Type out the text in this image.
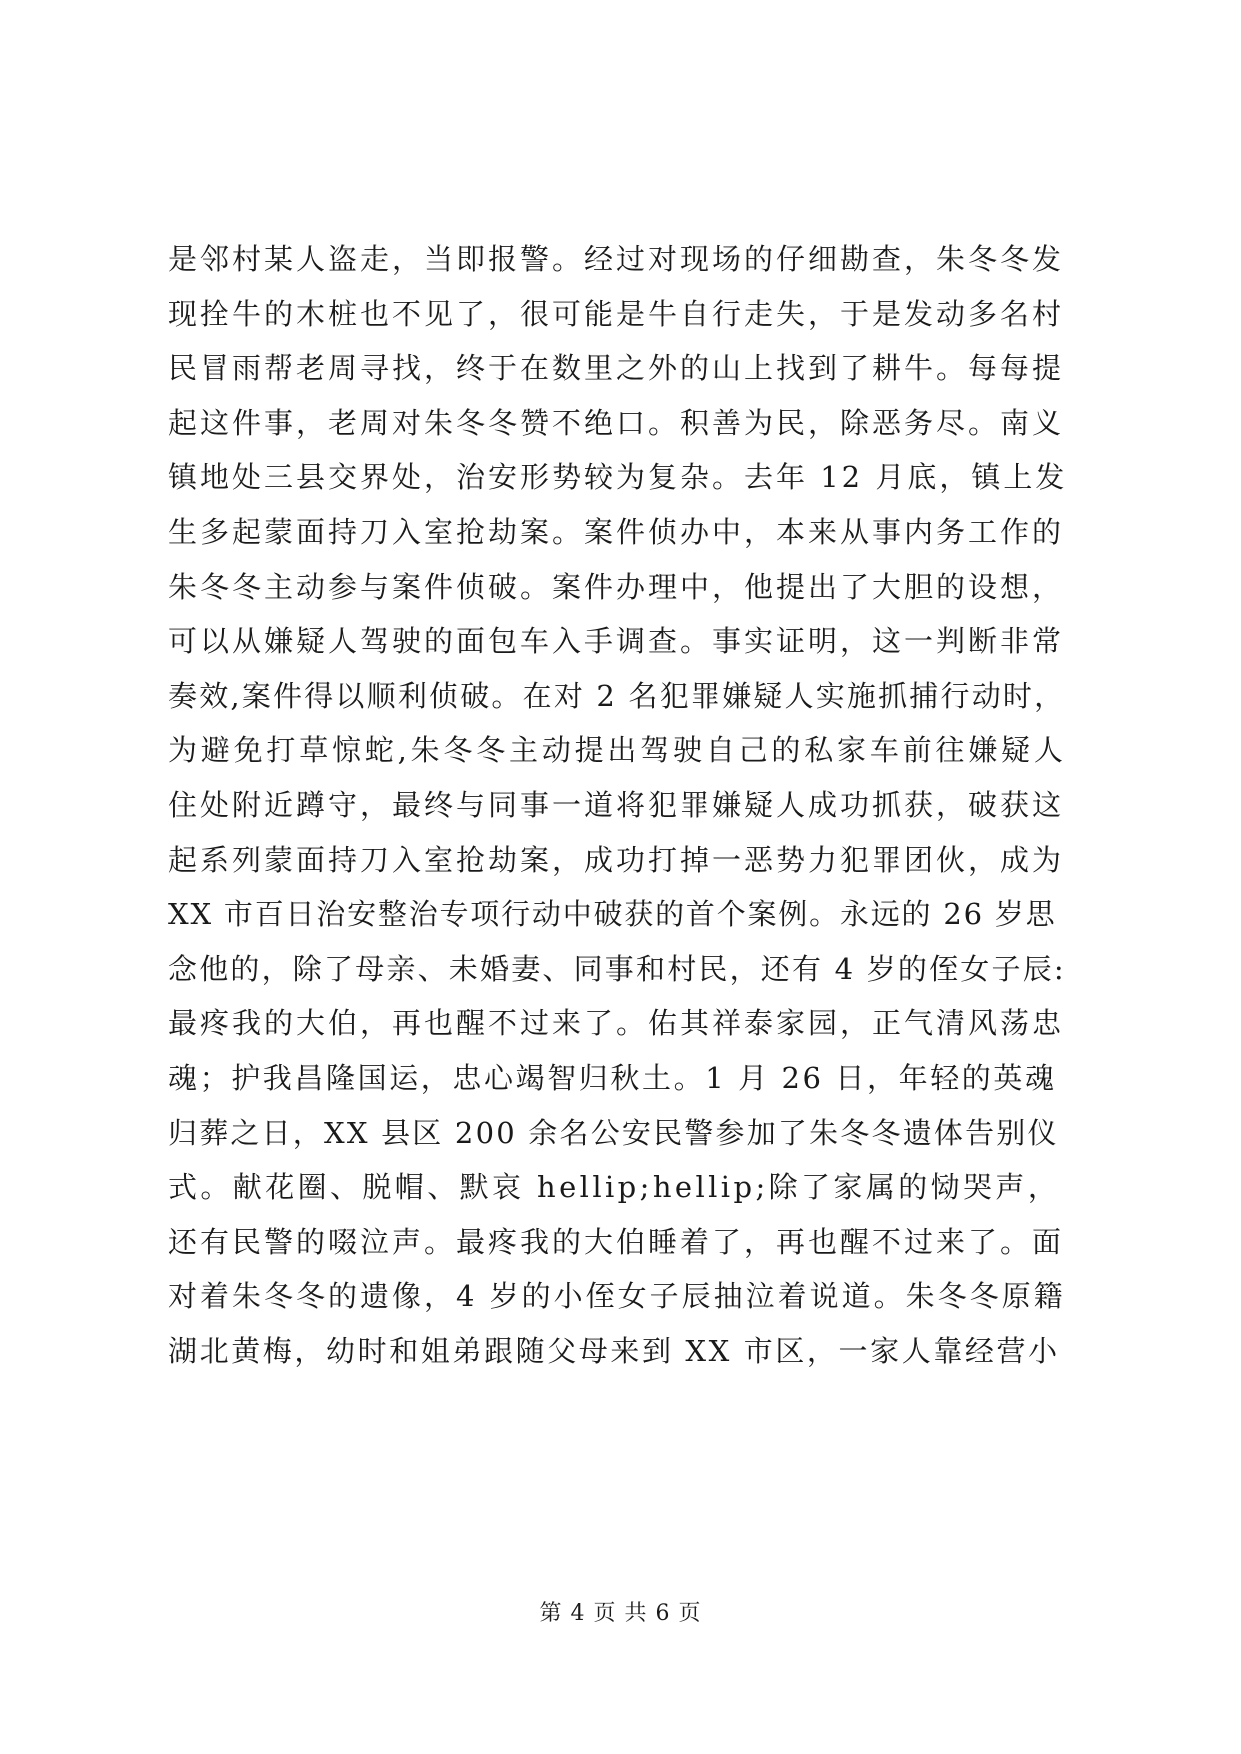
是邻村某人盗走，当即报警。经过对现场的仔细勘查，朱冬冬发
现拴牛的木桩也不见了，很可能是牛自行走失，于是发动多名村
民冒雨帮老周寻找，终于在数里之外的山上找到了耕牛。每每提
起这件事，老周对朱冬冬赞不绝口。积善为民，除恶务尽。南义
镇地处三县交界处，治安形势较为复杂。去年 12 月底，镇上发
生多起蒙面持刀入室抢劫案。案件侦办中，本来从事内务工作的
朱冬冬主动参与案件侦破。案件办理中，他提出了大胆的设想，
可以从嫌疑人驾驶的面包车入手调查。事实证明，这一判断非常
奏效,案件得以顺利侦破。在对 2 名犯罪嫌疑人实施抓捕行动时，
为避免打草惊蛇,朱冬冬主动提出驾驶自己的私家车前往嫌疑人
住处附近蹲守，最终与同事一道将犯罪嫌疑人成功抓获，破获这
起系列蒙面持刀入室抢劫案，成功打掉一恶势力犯罪团伙，成为
XX 市百日治安整治专项行动中破获的首个案例。永远的 26 岁思
念他的，除了母亲、未婚妻、同事和村民，还有 4 岁的侄女子辰:
最疼我的大伯，再也醒不过来了。佑其祥泰家园，正气清风荡忠
魂；护我昌隆国运，忠心竭智归秋土。1 月 26 日，年轻的英魂
归葬之日，XX 县区 200 余名公安民警参加了朱冬冬遗体告别仪
式。献花圈、脱帽、默哀 hellip;hellip;除了家属的恸哭声，
还有民警的啜泣声。最疼我的大伯睡着了，再也醒不过来了。面
对着朱冬冬的遗像，4 岁的小侄女子辰抽泣着说道。朱冬冬原籍
湖北黄梅，幼时和姐弟跟随父母来到 XX 市区，一家人靠经营小
第 4 页 共 6 页
